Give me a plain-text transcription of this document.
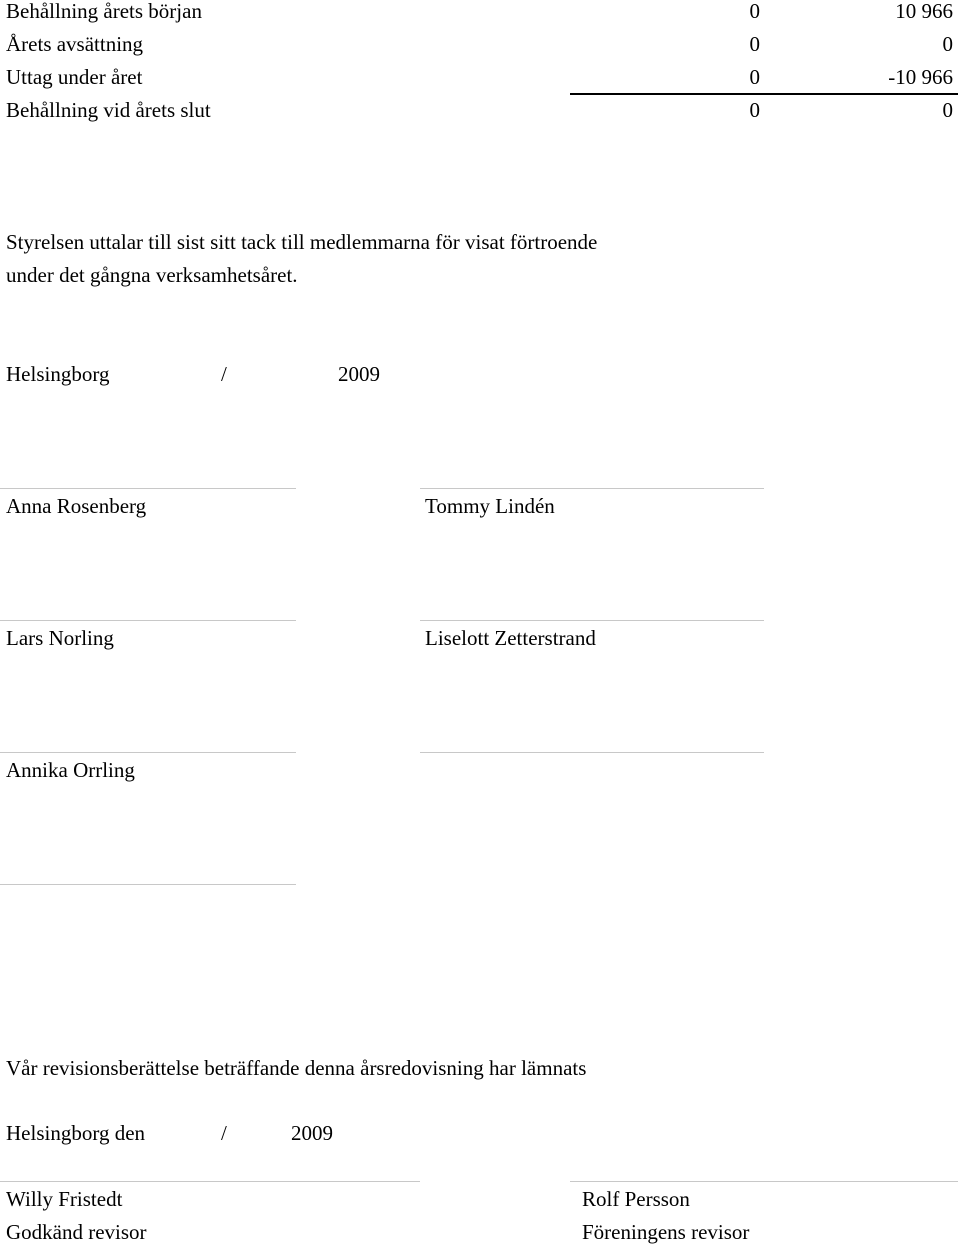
Behållning årets början	0	10 966
Årets avsättning	0	0
Uttag under året	0	-10 966
Behållning vid årets slut	0	0
Styrelsen uttalar till sist sitt tack till medlemmarna för visat förtroende
under det gångna verksamhetsåret.
Helsingborg	/	2009
Anna Rosenberg	Tommy Lindén
Lars Norling	Liselott Zetterstrand
Annika Orrling
Vår revisionsberättelse beträffande denna årsredovisning har lämnats
Helsingborg den	/	2009
Willy Fristedt	Rolf Persson
Godkänd revisor	Föreningens revisor
